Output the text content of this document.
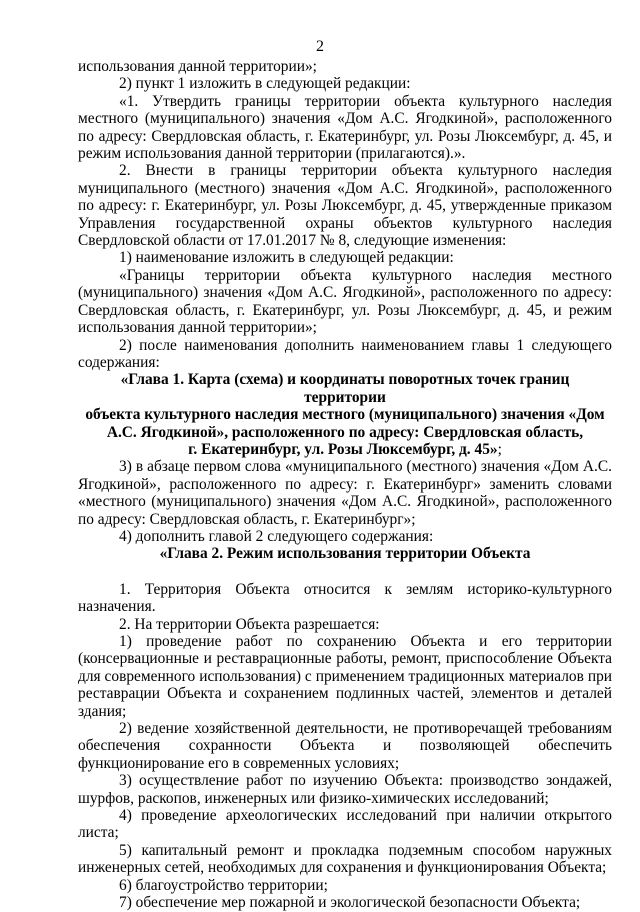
2

использования данной территории»;

2) пункт 1 изложить в следующей редакции:

«1. Утвердить границы территории объекта культурного наследия местного (муниципального) значения «Дом А.С. Ягодкиной», расположенного по адресу: Свердловская область, г. Екатеринбург, ул. Розы Люксембург, д. 45, и режим использования данной территории (прилагаются).».

2. Внести в границы территории объекта культурного наследия муниципального (местного) значения «Дом А.С. Ягодкиной», расположенного по адресу: г. Екатеринбург, ул. Розы Люксембург, д. 45, утвержденные приказом Управления государственной охраны объектов культурного наследия Свердловской области от 17.01.2017 № 8, следующие изменения:

1) наименование изложить в следующей редакции:

«Границы территории объекта культурного наследия местного (муниципального) значения «Дом А.С. Ягодкиной», расположенного по адресу: Свердловская область, г. Екатеринбург, ул. Розы Люксембург, д. 45, и режим использования данной территории»;

2) после наименования дополнить наименованием главы 1 следующего содержания:

«Глава 1. Карта (схема) и координаты поворотных точек границ территории
объекта культурного наследия местного (муниципального) значения «Дом
А.С. Ягодкиной», расположенного по адресу: Свердловская область,
г. Екатеринбург, ул. Розы Люксембург, д. 45»;

3) в абзаце первом слова «муниципального (местного) значения «Дом А.С. Ягодкиной», расположенного по адресу: г. Екатеринбург» заменить словами «местного (муниципального) значения «Дом А.С. Ягодкиной», расположенного по адресу: Свердловская область, г. Екатеринбург»;

4) дополнить главой 2 следующего содержания:

«Глава 2. Режим использования территории Объекта

1. Территория Объекта относится к землям историко-культурного назначения.

2. На территории Объекта разрешается:

1) проведение работ по сохранению Объекта и его территории (консервационные и реставрационные работы, ремонт, приспособление Объекта для современного использования) с применением традиционных материалов при реставрации Объекта и сохранением подлинных частей, элементов и деталей здания;

2) ведение хозяйственной деятельности, не противоречащей требованиям обеспечения сохранности Объекта и позволяющей обеспечить функционирование его в современных условиях;

3) осуществление работ по изучению Объекта: производство зондажей, шурфов, раскопов, инженерных или физико-химических исследований;

4) проведение археологических исследований при наличии открытого листа;

5) капитальный ремонт и прокладка подземным способом наружных инженерных сетей, необходимых для сохранения и функционирования Объекта;

6) благоустройство территории;

7) обеспечение мер пожарной и экологической безопасности Объекта;
